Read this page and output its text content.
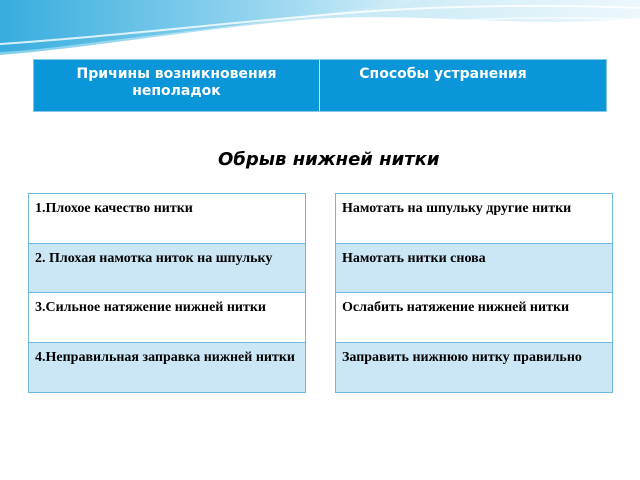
Причины возникновения неполадок
Способы устранения

Обрыв нижней нитки

1.Плохое качество нитки
2. Плохая намотка ниток на шпульку
3.Сильное натяжение нижней нитки
4.Неправильная заправка нижней нитки
Намотать на шпульку другие нитки
Намотать нитки снова
Ослабить натяжение нижней нитки
Заправить нижнюю нитку правильно
